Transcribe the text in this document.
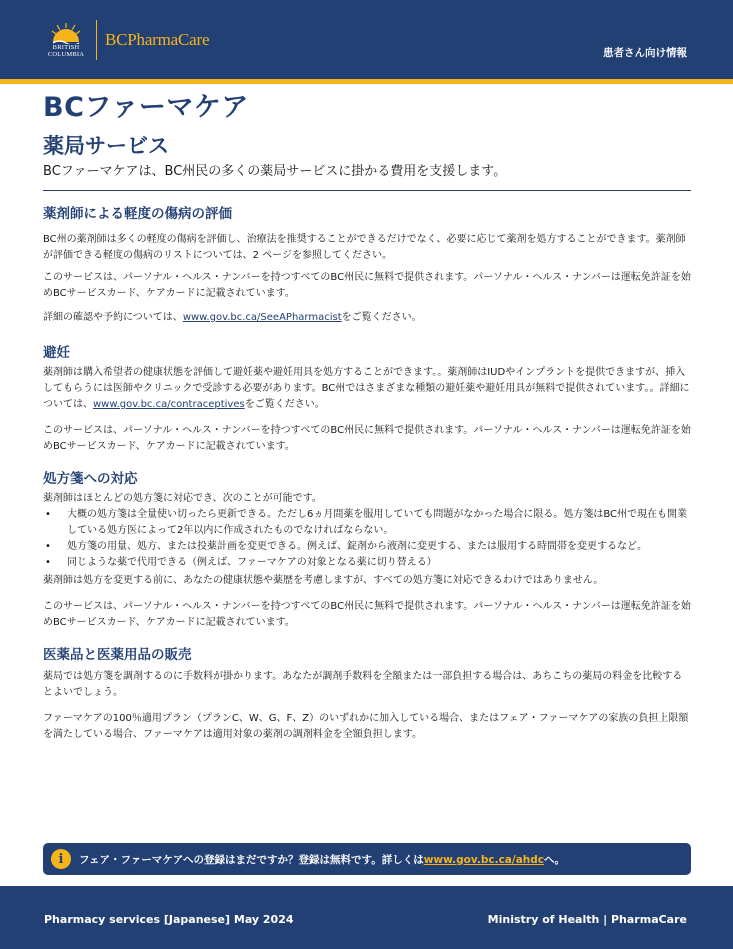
BRITISH
COLUMBIA
BCPharmaCare
患者さん向け情報
BCファーマケア
薬局サービス
BCファーマケアは、BC州民の多くの薬局サービスに掛かる費用を支援します。
薬剤師による軽度の傷病の評価
BC州の薬剤師は多くの軽度の傷病を評価し、治療法を推奨することができるだけでなく、必要に応じて薬剤を処方することができます。薬剤師が評価できる軽度の傷病のリストについては、2 ページを参照してください。
このサービスは、パーソナル・ヘルス・ナンバーを持つすべてのBC州民に無料で提供されます。パーソナル・ヘルス・ナンバーは運転免許証を始めBCサービスカード、ケアカードに記載されています。
詳細の確認や予約については、www.gov.bc.ca/SeeAPharmacistをご覧ください。
避妊
薬剤師は購入希望者の健康状態を評価して避妊薬や避妊用具を処方することができます。。薬剤師はIUDやインプラントを提供できますが、挿入してもらうには医師やクリニックで受診する必要があります。BC州ではさまざまな種類の避妊薬や避妊用具が無料で提供されています。。詳細については、www.gov.bc.ca/contraceptivesをご覧ください。
このサービスは、パーソナル・ヘルス・ナンバーを持つすべてのBC州民に無料で提供されます。パーソナル・ヘルス・ナンバーは運転免許証を始めBCサービスカード、ケアカードに記載されています。
処方箋への対応
薬剤師はほとんどの処方箋に対応でき、次のことが可能です。
• 大概の処方箋は全量使い切ったら更新できる。ただし6ヵ月間薬を服用していても問題がなかった場合に限る。処方箋はBC州で現在も開業している処方医によって2年以内に作成されたものでなければならない。
• 処方箋の用量、処方、または投薬計画を変更できる。例えば、錠剤から液剤に変更する、または服用する時間帯を変更するなど。
• 同じような薬で代用できる（例えば、ファーマケアの対象となる薬に切り替える）
薬剤師は処方を変更する前に、あなたの健康状態や薬歴を考慮しますが、すべての処方箋に対応できるわけではありません。
このサービスは、パーソナル・ヘルス・ナンバーを持つすべてのBC州民に無料で提供されます。パーソナル・ヘルス・ナンバーは運転免許証を始めBCサービスカード、ケアカードに記載されています。
医薬品と医薬用品の販売
薬局では処方箋を調剤するのに手数料が掛かります。あなたが調剤手数料を全額または一部負担する場合は、あちこちの薬局の料金を比較するとよいでしょう。
ファーマケアの100％適用プラン（プランC、W、G、F、Z）のいずれかに加入している場合、またはフェア・ファーマケアの家族の負担上限額を満たしている場合、ファーマケアは適用対象の薬剤の調剤料金を全額負担します。
i	フェア・ファーマケアへの登録はまだですか？登録は無料です。詳しくはwww.gov.bc.ca/ahdcへ。
Pharmacy services [Japanese] May 2024	Ministry of Health | PharmaCare
